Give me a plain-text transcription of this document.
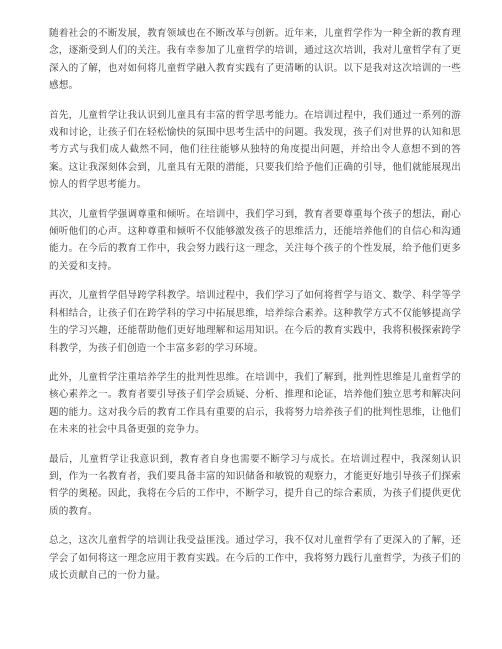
随着社会的不断发展，教育领域也在不断改革与创新。近年来，儿童哲学作为一种全新的教育理念，逐渐受到人们的关注。我有幸参加了儿童哲学的培训，通过这次培训，我对儿童哲学有了更深入的了解，也对如何将儿童哲学融入教育实践有了更清晰的认识。以下是我对这次培训的一些感想。

首先，儿童哲学让我认识到儿童具有丰富的哲学思考能力。在培训过程中，我们通过一系列的游戏和讨论，让孩子们在轻松愉快的氛围中思考生活中的问题。我发现，孩子们对世界的认知和思考方式与我们成人截然不同，他们往往能够从独特的角度提出问题，并给出令人意想不到的答案。这让我深刻体会到，儿童具有无限的潜能，只要我们给予他们正确的引导，他们就能展现出惊人的哲学思考能力。

其次，儿童哲学强调尊重和倾听。在培训中，我们学习到，教育者要尊重每个孩子的想法，耐心倾听他们的心声。这种尊重和倾听不仅能够激发孩子的思维活力，还能培养他们的自信心和沟通能力。在今后的教育工作中，我会努力践行这一理念，关注每个孩子的个性发展，给予他们更多的关爱和支持。

再次，儿童哲学倡导跨学科教学。培训过程中，我们学习了如何将哲学与语文、数学、科学等学科相结合，让孩子们在跨学科的学习中拓展思维，培养综合素养。这种教学方式不仅能够提高学生的学习兴趣，还能帮助他们更好地理解和运用知识。在今后的教育实践中，我将积极探索跨学科教学，为孩子们创造一个丰富多彩的学习环境。

此外，儿童哲学注重培养学生的批判性思维。在培训中，我们了解到，批判性思维是儿童哲学的核心素养之一。教育者要引导孩子们学会质疑、分析、推理和论证，培养他们独立思考和解决问题的能力。这对我今后的教育工作具有重要的启示，我将努力培养孩子们的批判性思维，让他们在未来的社会中具备更强的竞争力。

最后，儿童哲学让我意识到，教育者自身也需要不断学习与成长。在培训过程中，我深刻认识到，作为一名教育者，我们要具备丰富的知识储备和敏锐的观察力，才能更好地引导孩子们探索哲学的奥秘。因此，我将在今后的工作中，不断学习，提升自己的综合素质，为孩子们提供更优质的教育。

总之，这次儿童哲学的培训让我受益匪浅。通过学习，我不仅对儿童哲学有了更深入的了解，还学会了如何将这一理念应用于教育实践。在今后的工作中，我将努力践行儿童哲学，为孩子们的成长贡献自己的一份力量。
